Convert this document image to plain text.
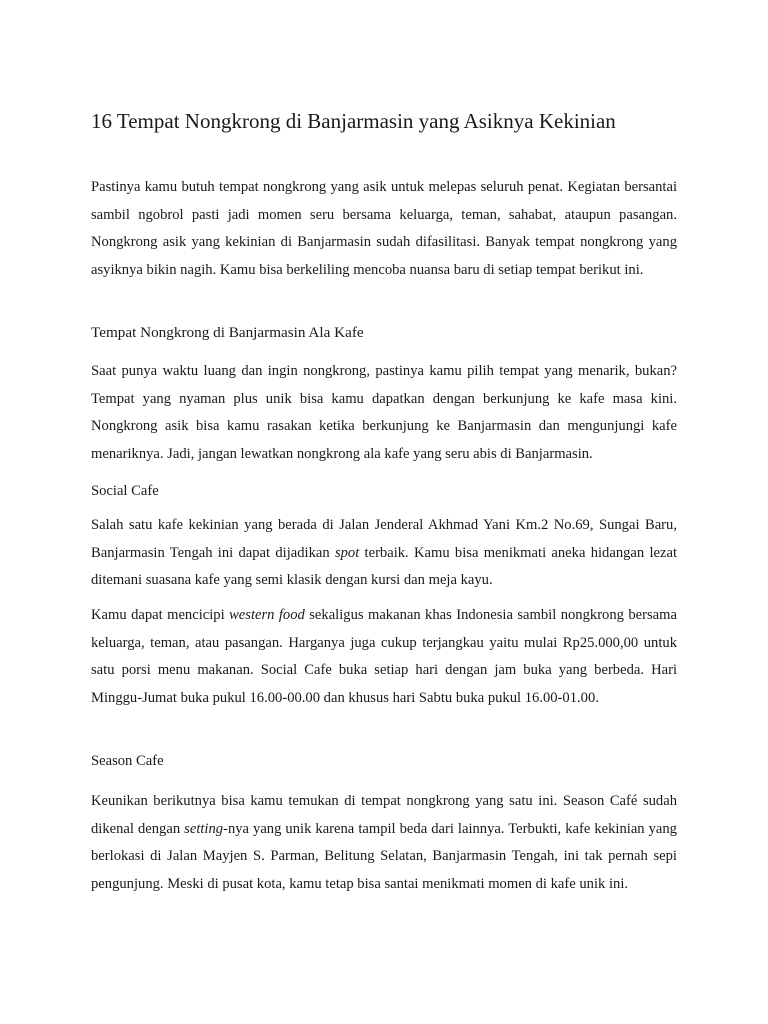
16 Tempat Nongkrong di Banjarmasin yang Asiknya Kekinian

Pastinya kamu butuh tempat nongkrong yang asik untuk melepas seluruh penat. Kegiatan bersantai sambil ngobrol pasti jadi momen seru bersama keluarga, teman, sahabat, ataupun pasangan. Nongkrong asik yang kekinian di Banjarmasin sudah difasilitasi. Banyak tempat nongkrong yang asyiknya bikin nagih. Kamu bisa berkeliling mencoba nuansa baru di setiap tempat berikut ini.

Tempat Nongkrong di Banjarmasin Ala Kafe

Saat punya waktu luang dan ingin nongkrong, pastinya kamu pilih tempat yang menarik, bukan? Tempat yang nyaman plus unik bisa kamu dapatkan dengan berkunjung ke kafe masa kini. Nongkrong asik bisa kamu rasakan ketika berkunjung ke Banjarmasin dan mengunjungi kafe menariknya. Jadi, jangan lewatkan nongkrong ala kafe yang seru abis di Banjarmasin.

Social Cafe

Salah satu kafe kekinian yang berada di Jalan Jenderal Akhmad Yani Km.2 No.69, Sungai Baru, Banjarmasin Tengah ini dapat dijadikan spot terbaik. Kamu bisa menikmati aneka hidangan lezat ditemani suasana kafe yang semi klasik dengan kursi dan meja kayu.

Kamu dapat mencicipi western food sekaligus makanan khas Indonesia sambil nongkrong bersama keluarga, teman, atau pasangan. Harganya juga cukup terjangkau yaitu mulai Rp25.000,00 untuk satu porsi menu makanan. Social Cafe buka setiap hari dengan jam buka yang berbeda. Hari Minggu-Jumat buka pukul 16.00-00.00 dan khusus hari Sabtu buka pukul 16.00-01.00.

Season Cafe

Keunikan berikutnya bisa kamu temukan di tempat nongkrong yang satu ini. Season Café sudah dikenal dengan setting-nya yang unik karena tampil beda dari lainnya. Terbukti, kafe kekinian yang berlokasi di Jalan Mayjen S. Parman, Belitung Selatan, Banjarmasin Tengah, ini tak pernah sepi pengunjung. Meski di pusat kota, kamu tetap bisa santai menikmati momen di kafe unik ini.
